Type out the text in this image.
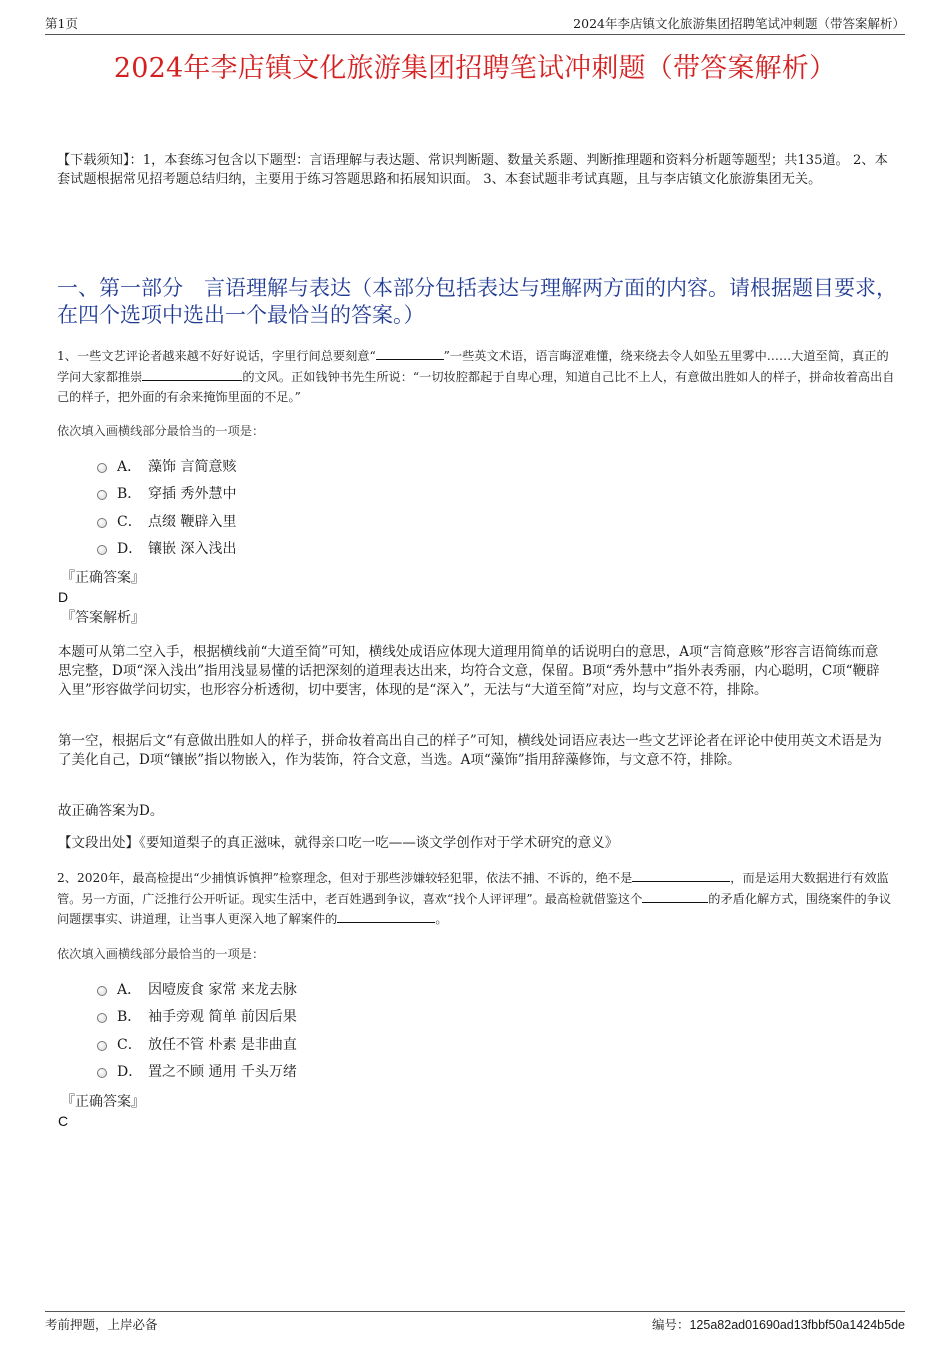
第1页	2024年李店镇文化旅游集团招聘笔试冲刺题（带答案解析）
2024年李店镇文化旅游集团招聘笔试冲刺题（带答案解析）

【下载须知】：1，本套练习包含以下题型：言语理解与表达题、常识判断题、数量关系题、判断推理题和资料分析题等题型；共135道。 2、本套试题根据常见招考题总结归纳，主要用于练习答题思路和拓展知识面。 3、本套试题非考试真题，且与李店镇文化旅游集团无关。

一、第一部分　言语理解与表达（本部分包括表达与理解两方面的内容。请根据题目要求，在四个选项中选出一个最恰当的答案。）

1、一些文艺评论者越来越不好好说话，字里行间总要刻意“	”一些英文术语，语言晦涩难懂，绕来绕去令人如坠五里雾中……大道至简，真正的学问大家都推崇	的文风。正如钱钟书先生所说：“一切妆腔都起于自卑心理，知道自己比不上人，有意做出胜如人的样子，拼命妆着高出自己的样子，把外面的有余来掩饰里面的不足。”

依次填入画横线部分最恰当的一项是：

A． 藻饰 言简意赅
B． 穿插 秀外慧中
C． 点缀 鞭辟入里
D． 镶嵌 深入浅出

『正确答案』

D

『答案解析』

本题可从第二空入手，根据横线前“大道至简”可知，横线处成语应体现大道理用简单的话说明白的意思，A项“言简意赅”形容言语简练而意思完整，D项“深入浅出”指用浅显易懂的话把深刻的道理表达出来，均符合文意，保留。B项“秀外慧中”指外表秀丽，内心聪明，C项“鞭辟入里”形容做学问切实，也形容分析透彻，切中要害，体现的是“深入”，无法与“大道至简”对应，均与文意不符，排除。

第一空，根据后文“有意做出胜如人的样子，拼命妆着高出自己的样子”可知，横线处词语应表达一些文艺评论者在评论中使用英文术语是为了美化自己，D项“镶嵌”指以物嵌入，作为装饰，符合文意，当选。A项“藻饰”指用辞藻修饰，与文意不符，排除。

故正确答案为D。

【文段出处】《要知道梨子的真正滋味，就得亲口吃一吃——谈文学创作对于学术研究的意义》

2、2020年，最高检提出“少捕慎诉慎押”检察理念，但对于那些涉嫌较轻犯罪，依法不捕、不诉的，绝不是	，而是运用大数据进行有效监管。另一方面，广泛推行公开听证。现实生活中，老百姓遇到争议，喜欢“找个人评评理”。最高检就借鉴这个	的矛盾化解方式，围绕案件的争议问题摆事实、讲道理，让当事人更深入地了解案件的	。

依次填入画横线部分最恰当的一项是：

A． 因噎废食 家常 来龙去脉
B． 袖手旁观 简单 前因后果
C． 放任不管 朴素 是非曲直
D． 置之不顾 通用 千头万绪

『正确答案』

C

考前押题，上岸必备	编号：125a82ad01690ad13fbbf50a1424b5de
